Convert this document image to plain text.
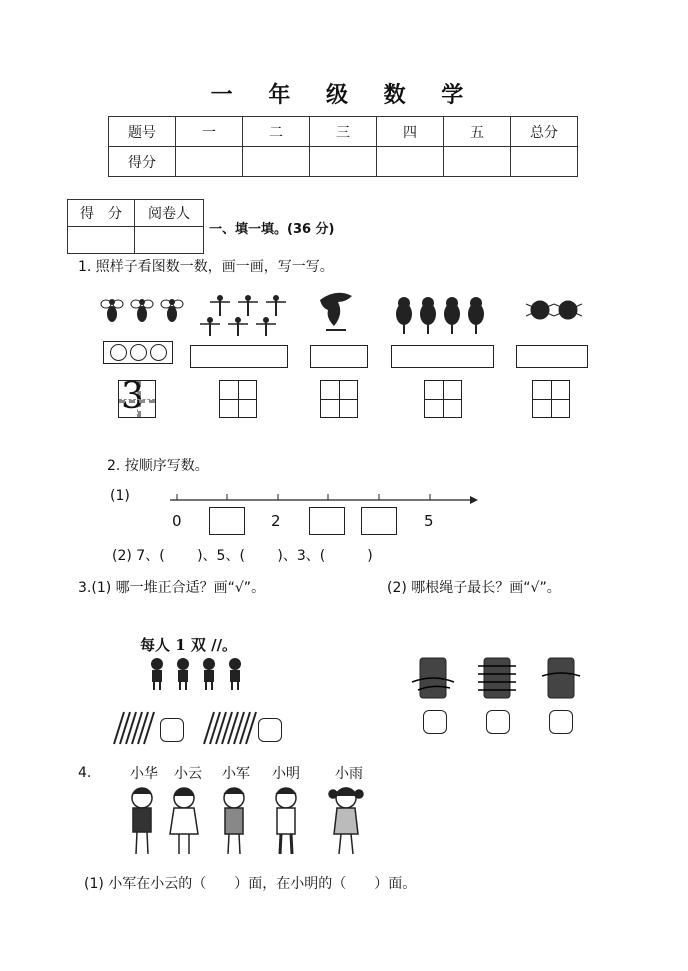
一 年 级 数 学
题号	一	二	三	四	五	总分
得分						
得　分	阅卷人

一、填一填。(36 分)
1. 照样子看图数一数，画一画，写一写。
3
2. 按顺序写数。
(1)
0	2	5
(2) 7、(　　 )、5、(　　 )、3、(　　　)
3.(1) 哪一堆正合适？画“√”。	(2) 哪根绳子最长？画“√”。
每人 1 双 //。
4.	小华 小云 小军 小明	小雨
(1) 小军在小云的（　　）面，在小明的（　　）面。
